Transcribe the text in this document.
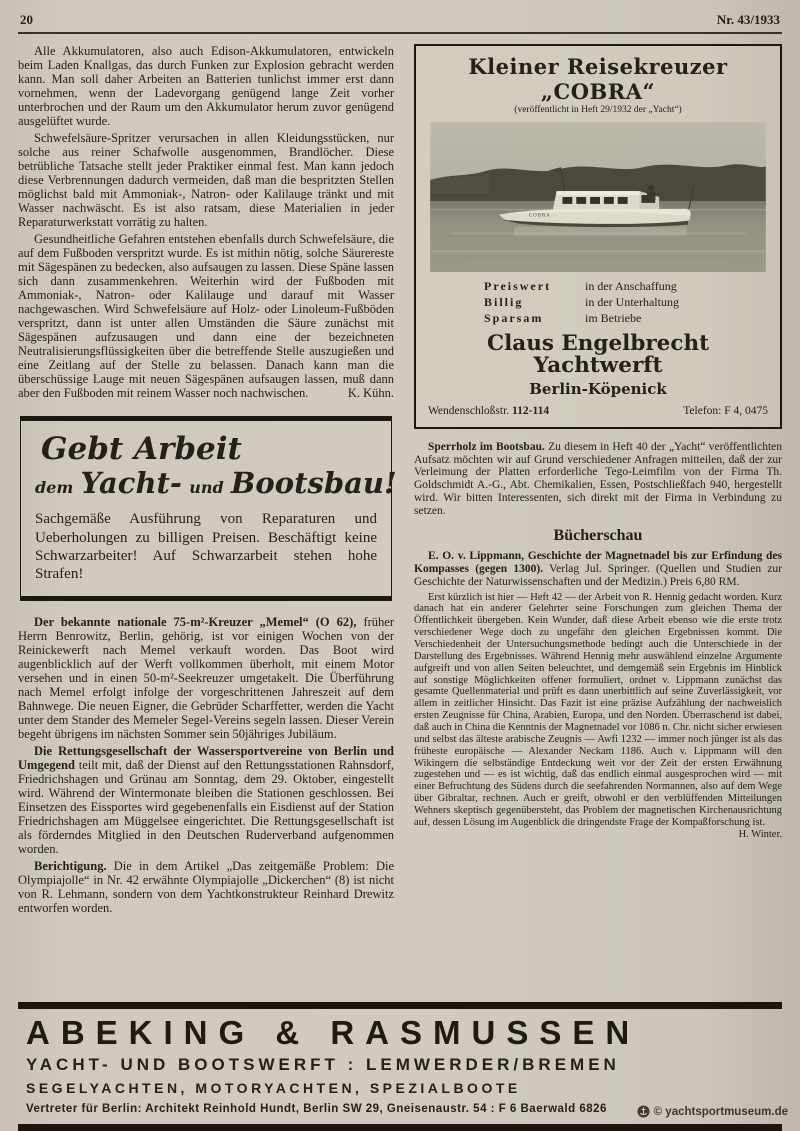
20	Nr. 43/1933

Alle Akkumulatoren, also auch Edison-Akkumulatoren, entwickeln beim Laden Knallgas, das durch Funken zur Explosion gebracht werden kann. Man soll daher Arbeiten an Batterien tunlichst immer erst dann vornehmen, wenn der Ladevorgang genügend lange Zeit vorher unterbrochen und der Raum um den Akkumulator herum zuvor genügend ausgelüftet wurde.

Schwefelsäure-Spritzer verursachen in allen Kleidungsstücken, nur solche aus reiner Schafwolle ausgenommen, Brandlöcher. Diese betrübliche Tatsache stellt jeder Praktiker einmal fest. Man kann jedoch diese Verbrennungen dadurch vermeiden, daß man die bespritzten Stellen möglichst bald mit Ammoniak-, Natron- oder Kalilauge tränkt und mit Wasser nachwäscht. Es ist also ratsam, diese Materialien in jeder Reparaturwerkstatt vorrätig zu halten.

Gesundheitliche Gefahren entstehen ebenfalls durch Schwefelsäure, die auf dem Fußboden verspritzt wurde. Es ist mithin nötig, solche Säurereste mit Sägespänen zu bedecken, also aufsaugen zu lassen. Diese Späne lassen sich dann zusammenkehren. Weiterhin wird der Fußboden mit Ammoniak-, Natron- oder Kalilauge und darauf mit Wasser nachgewaschen. Wird Schwefelsäure auf Holz- oder Linoleum-Fußböden verspritzt, dann ist unter allen Umständen die Säure zunächst mit Sägespänen aufzusaugen und dann eine der bezeichneten Neutralisierungsflüssigkeiten über die betreffende Stelle auszugießen und eine Zeitlang auf der Stelle zu belassen. Danach kann man die überschüssige Lauge mit neuen Sägespänen aufsaugen lassen, muß dann aber den Fußboden mit reinem Wasser noch nachwischen.	K. Kühn.

Gebt Arbeit
dem Yacht- und Bootsbau!

Sachgemäße Ausführung von Reparaturen und Ueberholungen zu billigen Preisen. Beschäftigt keine Schwarzarbeiter! Auf Schwarzarbeit stehen hohe Strafen!

Der bekannte nationale 75-m²-Kreuzer „Memel“ (O 62), früher Herrn Benrowitz, Berlin, gehörig, ist vor einigen Wochen von der Reinickewerft nach Memel verkauft worden. Das Boot wird augenblicklich auf der Werft vollkommen überholt, mit einem Motor versehen und in einen 50-m²-Seekreuzer umgetakelt. Die Überführung nach Memel erfolgt infolge der vorgeschrittenen Jahreszeit auf dem Bahnwege. Die neuen Eigner, die Gebrüder Scharffetter, werden die Yacht unter dem Stander des Memeler Segel-Vereins segeln lassen. Dieser Verein begeht übrigens im nächsten Sommer sein 50jähriges Jubiläum.

Die Rettungsgesellschaft der Wassersportvereine von Berlin und Umgegend teilt mit, daß der Dienst auf den Rettungsstationen Rahnsdorf, Friedrichshagen und Grünau am Sonntag, dem 29. Oktober, eingestellt wird. Während der Wintermonate bleiben die Stationen geschlossen. Bei Einsetzen des Eissportes wird gegebenenfalls ein Eisdienst auf der Station Friedrichshagen am Müggelsee eingerichtet. Die Rettungsgesellschaft ist als förderndes Mitglied in den Deutschen Ruderverband aufgenommen worden.

Berichtigung. Die in dem Artikel „Das zeitgemäße Problem: Die Olympiajolle“ in Nr. 42 erwähnte Olympiajolle „Dickerchen“ (8) ist nicht von R. Lehmann, sondern von dem Yachtkonstrukteur Reinhard Drewitz entworfen worden.

Kleiner Reisekreuzer „COBRA“
(veröffentlicht in Heft 29/1932 der „Yacht“)
COBRA
Preiswert	in der Anschaffung
Billig	in der Unterhaltung
Sparsam	im Betriebe
Claus Engelbrecht Yachtwerft
Berlin-Köpenick
Wendenschloßstr. 112-114	Telefon: F 4, 0475

Sperrholz im Bootsbau. Zu diesem in Heft 40 der „Yacht“ veröffentlichten Aufsatz möchten wir auf Grund verschiedener Anfragen mitteilen, daß der zur Verleimung der Platten erforderliche Tego-Leimfilm von der Firma Th. Goldschmidt A.-G., Abt. Chemikalien, Essen, Postschließfach 940, hergestellt wird. Wir bitten Interessenten, sich direkt mit der Firma in Verbindung zu setzen.

Bücherschau

E. O. v. Lippmann, Geschichte der Magnetnadel bis zur Erfindung des Kompasses (gegen 1300). Verlag Jul. Springer. (Quellen und Studien zur Geschichte der Naturwissenschaften und der Medizin.) Preis 6,80 RM.

Erst kürzlich ist hier — Heft 42 — der Arbeit von R. Hennig gedacht worden. Kurz danach hat ein anderer Gelehrter seine Forschungen zum gleichen Thema der Öffentlichkeit übergeben. Kein Wunder, daß diese Arbeit ebenso wie die erste trotz verschiedener Wege doch zu ungefähr den gleichen Ergebnissen kommt. Die Verschiedenheit der Untersuchungsmethode bedingt auch die Unterschiede in der Darstellung des Ergebnisses. Während Hennig mehr auswählend einzelne Argumente aufgreift und von allen Seiten beleuchtet, und demgemäß sein Ergebnis im Hinblick auf sonstige Möglichkeiten offener formuliert, ordnet v. Lippmann zunächst das gesamte Quellenmaterial und prüft es dann unerbittlich auf seine Zuverlässigkeit, vor allem in zeitlicher Hinsicht. Das Fazit ist eine präzise Aufzählung der nachweislich ersten Zeugnisse für China, Arabien, Europa, und den Norden. Überraschend ist dabei, daß auch in China die Kenntnis der Magnetnadel vor 1086 n. Chr. nicht sicher erwiesen und selbst das älteste arabische Zeugnis — Awfi 1232 — immer noch jünger ist als das früheste europäische — Alexander Neckam 1186. Auch v. Lippmann will den Wikingern die selbständige Entdeckung weit vor der Zeit der ersten Erwähnung zugestehen und — es ist wichtig, daß das endlich einmal ausgesprochen wird — mit einer Befruchtung des Südens durch die seefahrenden Normannen, also auf dem Wege über Gibraltar, rechnen. Auch er greift, obwohl er den verblüffenden Mitteilungen Wehners skeptisch gegenübersteht, das Problem der magnetischen Kirchenausrichtung auf, dessen Lösung im Augenblick die dringendste Frage der Kompaßforschung ist.
H. Winter.

ABEKING & RASMUSSEN
YACHT- UND BOOTSWERFT : LEMWERDER/BREMEN
SEGELYACHTEN, MOTORYACHTEN, SPEZIALBOOTE
Vertreter für Berlin: Architekt Reinhold Hundt, Berlin SW 29, Gneisenaustr. 54 : F 6 Baerwald 6826	© yachtsportmuseum.de
